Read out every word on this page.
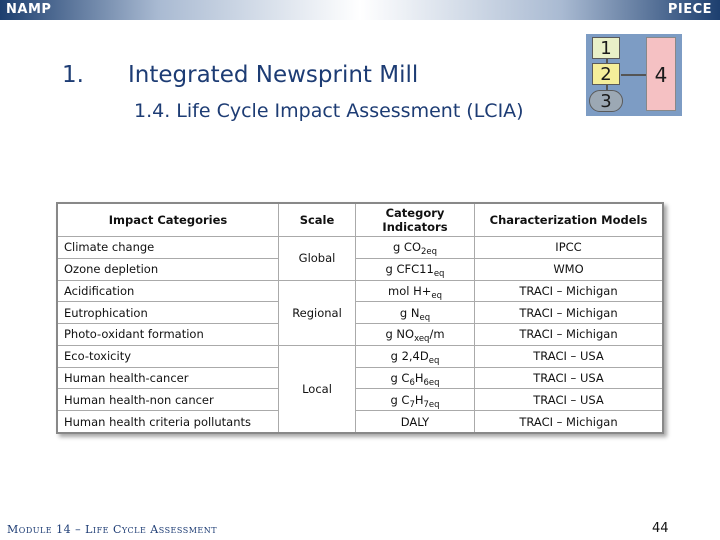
NAMP	PIECE
1. Integrated Newsprint Mill
1.4. Life Cycle Impact Assessment (LCIA)
1
2
3
4
Impact Categories	Scale	Category Indicators	Characterization Models
Climate change	Global	g $CO_{2eq}$	IPCC
Ozone depletion		g $CFC11_{eq}$	WMO
Acidification	Regional	mol $H+_{eq}$	TRACI – Michigan
Eutrophication		g $N_{eq}$	TRACI – Michigan
Photo-oxidant formation		g $NO_{xeq}/m$	TRACI – Michigan
Eco-toxicity	Local	g $2,4D_{eq}$	TRACI – USA
Human health-cancer		g $C_6H_{6eq}$	TRACI – USA
Human health-non cancer		g $C_7H_{7eq}$	TRACI – USA
Human health criteria pollutants		DALY	TRACI – Michigan
Module 14 – Life Cycle Assessment	44
